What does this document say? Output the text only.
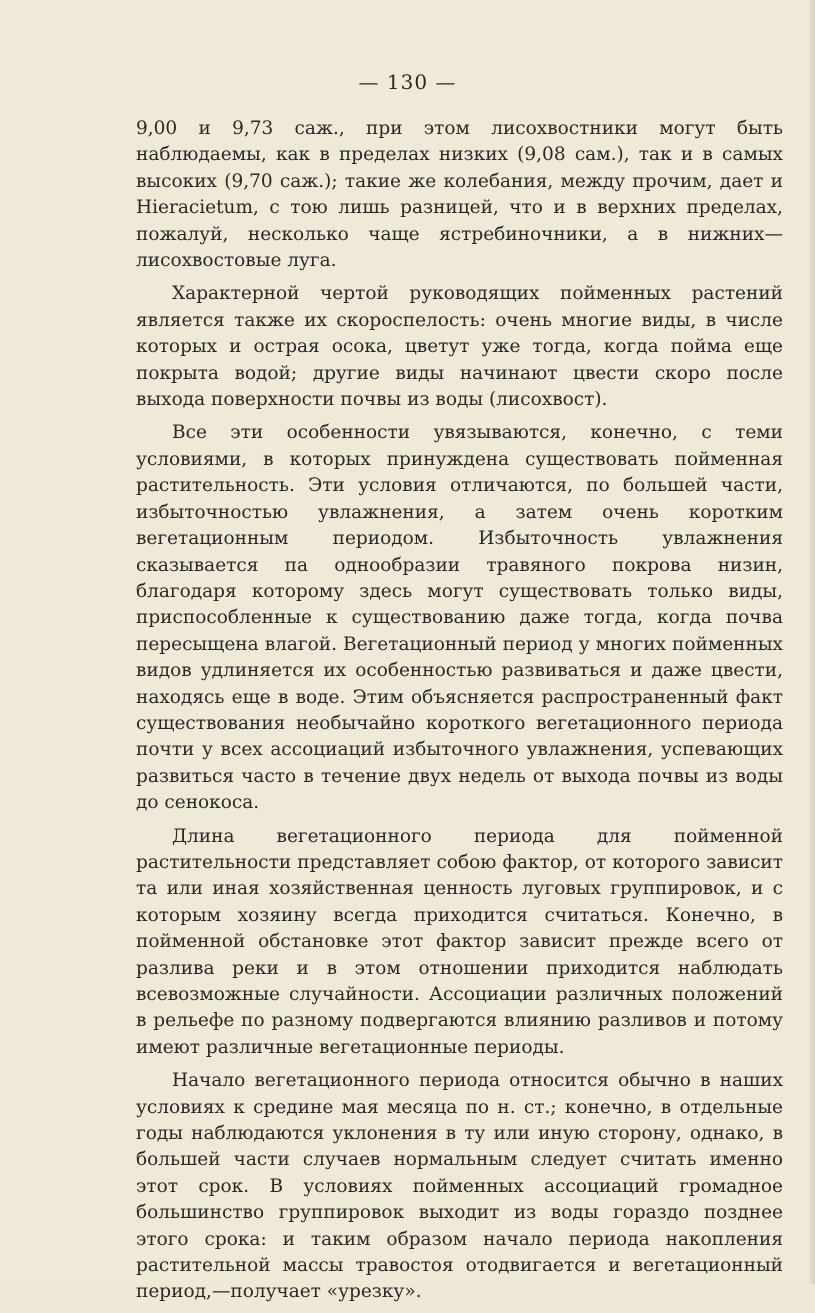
— 130 —

9,00 и 9,73 саж., при этом лисохвостники могут быть наблюдаемы, как в пределах низких (9,08 сам.), так и в самых высоких (9,70 саж.); такие же колебания, между прочим, дает и Hieracietum, с тою лишь разницей, что и в верхних пределах, пожалуй, несколько чаще ястребиночники, а в нижних—лисохвостовые луга.

Характерной чертой руководящих пойменных растений является также их скороспелость: очень многие виды, в числе которых и острая осока, цветут уже тогда, когда пойма еще покрыта водой; другие виды начинают цвести скоро после выхода поверхности почвы из воды (лисохвост).

Все эти особенности увязываются, конечно, с теми условиями, в которых принуждена существовать пойменная растительность. Эти условия отличаются, по большей части, избыточностью увлажнения, а затем очень коротким вегетационным периодом. Избыточность увлажнения сказывается па однообразии травяного покрова низин, благодаря которому здесь могут существовать только виды, приспособленные к существованию даже тогда, когда почва пересыщена влагой. Вегетационный период у многих пойменных видов удлиняется их особенностью развиваться и даже цвести, находясь еще в воде. Этим объясняется распространенный факт существования необычайно короткого вегетационного периода почти у всех ассоциаций избыточного увлажнения, успевающих развиться часто в течение двух недель от выхода почвы из воды до сенокоса.

Длина вегетационного периода для пойменной растительности представляет собою фактор, от которого зависит та или иная хозяйственная ценность луговых группировок, и с которым хозяину всегда приходится считаться. Конечно, в пойменной обстановке этот фактор зависит прежде всего от разлива реки и в этом отношении приходится наблюдать всевозможные случайности. Ассоциации различных положений в рельефе по разному подвергаются влиянию разливов и потому имеют различные вегетационные периоды.

Начало вегетационного периода относится обычно в наших условиях к средине мая месяца по н. ст.; конечно, в отдельные годы наблюдаются уклонения в ту или иную сторону, однако, в большей части случаев нормальным следует считать именно этот срок. В условиях пойменных ассоциаций громадное большинство группировок выходит из воды гораздо позднее этого срока: и таким образом начало периода накопления растительной массы травостоя отодвигается и вегетационный период,—получает «урезку».
